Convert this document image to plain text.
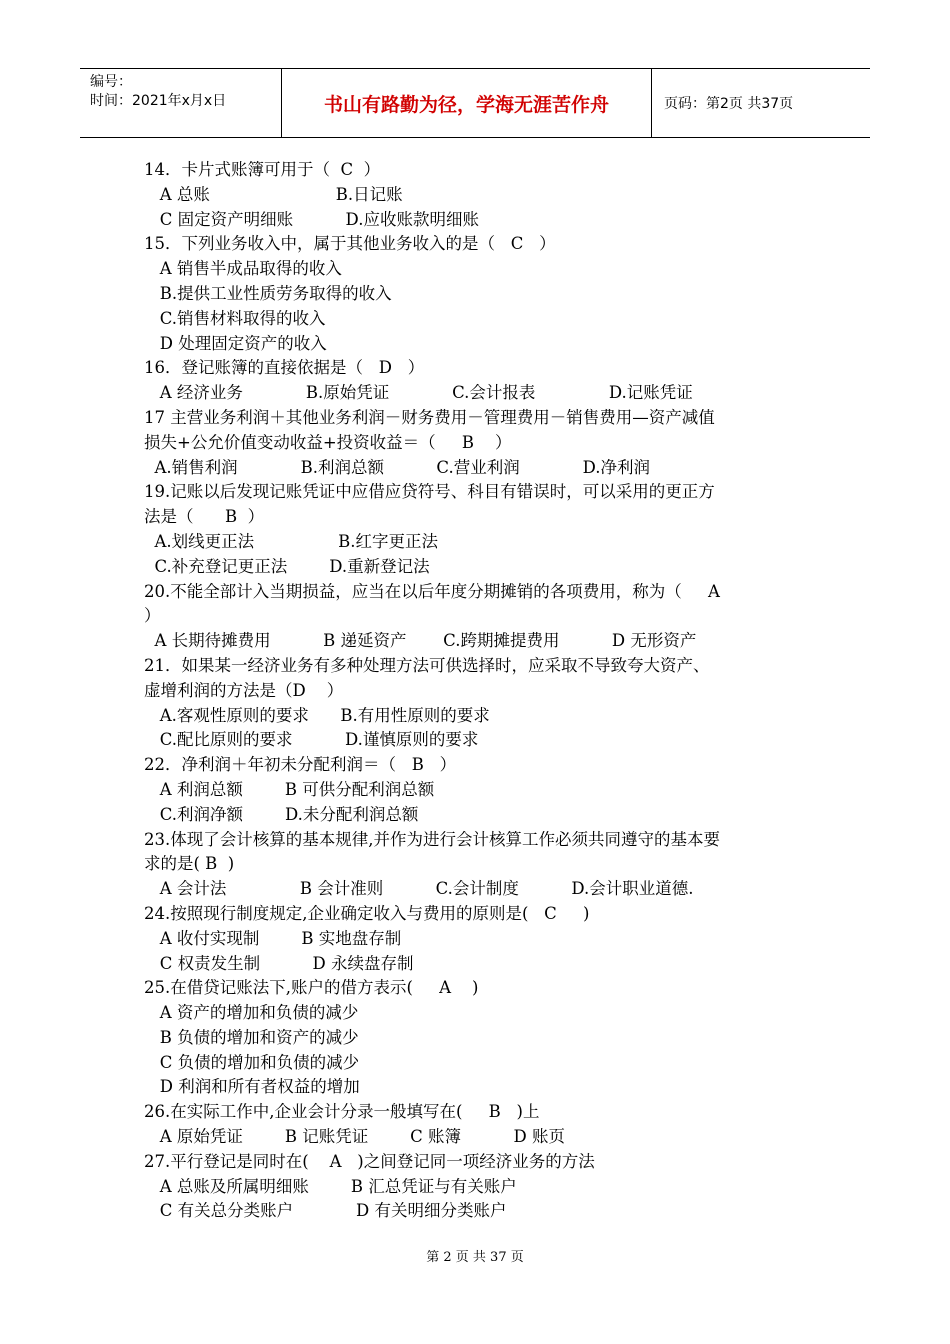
编号：
时间：2021年x月x日	书山有路勤为径，学海无涯苦作舟	页码：第2页 共37页
14．卡片式账簿可用于（  C  ）
A 总账                        B.日记账
C 固定资产明细账          D.应收账款明细账
15．下列业务收入中，属于其他业务收入的是（   C   ）
A 销售半成品取得的收入
B.提供工业性质劳务取得的收入
C.销售材料取得的收入
D 处理固定资产的收入
16．登记账簿的直接依据是（   D   ）
A 经济业务            B.原始凭证            C.会计报表              D.记账凭证
17 主营业务利润＋其他业务利润－财务费用－管理费用－销售费用—资产减值
损失+公允价值变动收益+投资收益＝（     B    ）
A.销售利润            B.利润总额          C.营业利润            D.净利润
19.记账以后发现记账凭证中应借应贷符号、科目有错误时，可以采用的更正方
法是（      B  ）
A.划线更正法                B.红字更正法
C.补充登记更正法        D.重新登记法
20.不能全部计入当期损益，应当在以后年度分期摊销的各项费用，称为（     A
）
A 长期待摊费用          B 递延资产       C.跨期摊提费用          D 无形资产
21．如果某一经济业务有多种处理方法可供选择时，应采取不导致夸大资产、
虚增利润的方法是（D    ）
A.客观性原则的要求      B.有用性原则的要求
C.配比原则的要求          D.谨慎原则的要求
22．净利润＋年初未分配利润＝（   B   ）
A 利润总额        B 可供分配利润总额
C.利润净额        D.未分配利润总额
23.体现了会计核算的基本规律,并作为进行会计核算工作必须共同遵守的基本要
求的是( B  )
A 会计法              B 会计准则          C.会计制度          D.会计职业道德.
24.按照现行制度规定,企业确定收入与费用的原则是(   C     )
A 收付实现制        B 实地盘存制
C 权责发生制          D 永续盘存制
25.在借贷记账法下,账户的借方表示(     A    )
A 资产的增加和负债的减少
B 负债的增加和资产的减少
C 负债的增加和负债的减少
D 利润和所有者权益的增加
26.在实际工作中,企业会计分录一般填写在(     B   )上
A 原始凭证        B 记账凭证        C 账簿          D 账页
27.平行登记是同时在(    A   )之间登记同一项经济业务的方法
A 总账及所属明细账        B 汇总凭证与有关账户
C 有关总分类账户            D 有关明细分类账户
第 2 页 共 37 页
